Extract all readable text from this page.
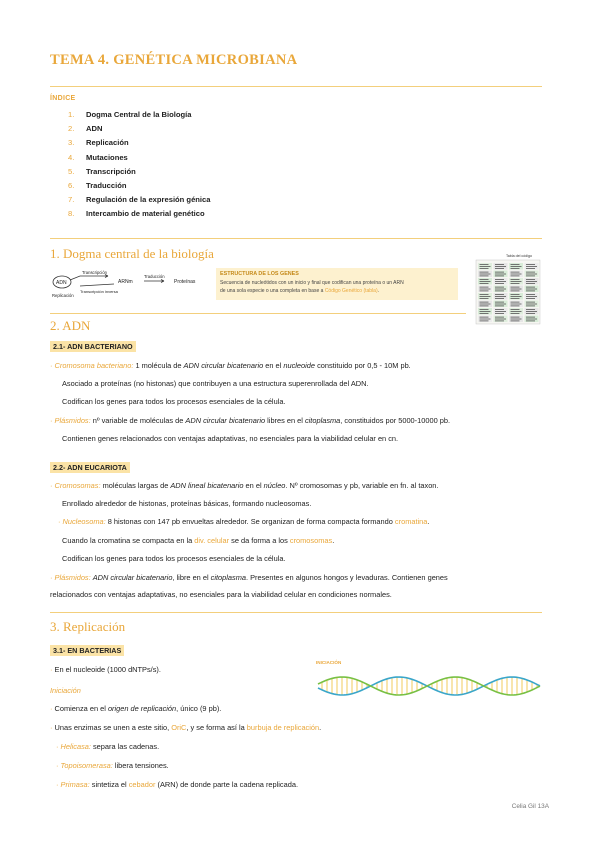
TEMA 4. GENÉTICA MICROBIANA
ÍNDICE
1. Dogma Central de la Biología
2. ADN
3. Replicación
4. Mutaciones
5. Transcripción
6. Traducción
7. Regulación de la expresión génica
8. Intercambio de material genético
1. Dogma central de la biología
ADN
Replicación
Transcripción
Transcripción inversa
ARNm
Traducción
Proteínas
ESTRUCTURA DE LOS GENES
Secuencia de nucleótidos con un inicio y final que codifican una proteína o un ARN
de una sola especie o una completa en base a Código Genético (tabla).
Tabla del código
2. ADN
2.1- ADN BACTERIANO
· Cromosoma bacteriano: 1 molécula de ADN circular bicatenario en el nucleoide constituido por 0,5 - 10M pb.
Asociado a proteínas (no histonas) que contribuyen a una estructura superenrollada del ADN.
Codifican los genes para todos los procesos esenciales de la célula.
· Plásmidos: nº variable de moléculas de ADN circular bicatenario libres en el citoplasma, constituidos por 5000-10000 pb.
Contienen genes relacionados con ventajas adaptativas, no esenciales para la viabilidad celular en cn.
2.2- ADN EUCARIOTA
· Cromosomas: moléculas largas de ADN lineal bicatenario en el núcleo. Nº cromosomas y pb, variable en fn. al taxon.
Enrollado alrededor de histonas, proteínas básicas, formando nucleosomas.
· Nucleosoma: 8 histonas con 147 pb envueltas alrededor. Se organizan de forma compacta formando cromatina.
Cuando la cromatina se compacta en la div. celular se da forma a los cromosomas.
Codifican los genes para todos los procesos esenciales de la célula.
· Plásmidos: ADN circular bicatenario, libre en el citoplasma. Presentes en algunos hongos y levaduras. Contienen genes
relacionados con ventajas adaptativas, no esenciales para la viabilidad celular en condiciones normales.
3. Replicación
3.1- EN BACTERIAS
· En el nucleoide (1000 dNTPs/s).
Iniciación
· Comienza en el origen de replicación, único (9 pb).
· Unas enzimas se unen a este sitio, OriC, y se forma así la burbuja de replicación.
· Helicasa: separa las cadenas.
· Topoisomerasa: libera tensiones.
· Primasa: sintetiza el cebador (ARN) de donde parte la cadena replicada.
INICIACIÓN
Celia Gil 13A
